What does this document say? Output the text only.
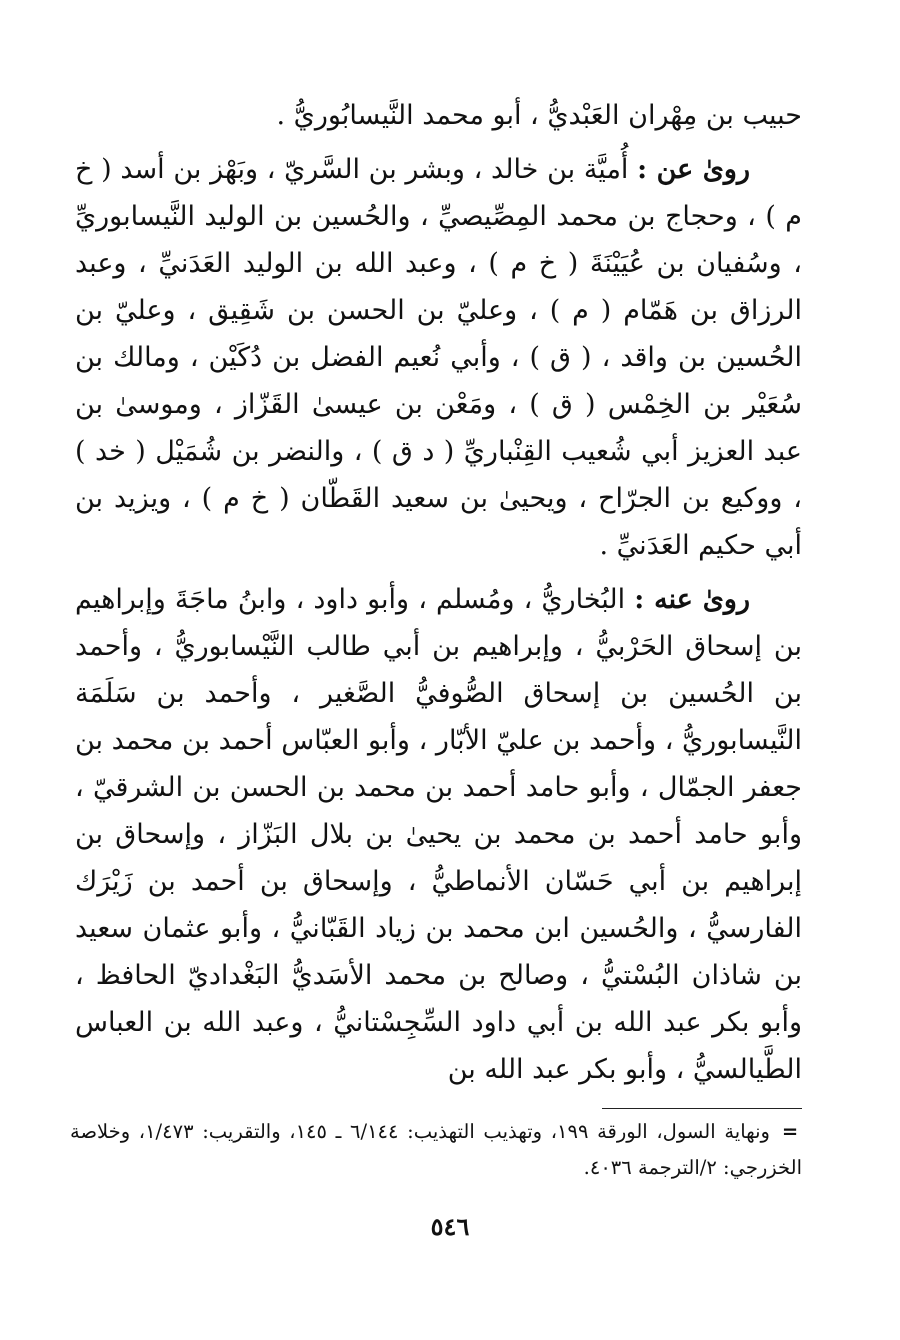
حبيب بن مِهْران العَبْديُّ ، أبو محمد النَّيسابُوريُّ .

روىٰ عن : أُميَّة بن خالد ، وبشر بن السَّريّ ، وبَهْز بن أسد ( خ م ) ، وحجاج بن محمد المِصِّيصيِّ ، والحُسين بن الوليد النَّيسابوريِّ ، وسُفيان بن عُيَيْنَةَ ( خ م ) ، وعبد الله بن الوليد العَدَنيِّ ، وعبد الرزاق بن هَمّام ( م ) ، وعليّ بن الحسن بن شَقِيق ، وعليّ بن الحُسين بن واقد ، ( ق ) ، وأبي نُعيم الفضل بن دُكَيْن ، ومالك بن سُعَيْر بن الخِمْس ( ق ) ، ومَعْن بن عيسىٰ القَزّاز ، وموسىٰ بن عبد العزيز أبي شُعيب القِنْباريِّ ( د ق ) ، والنضر بن شُمَيْل ( خد ) ، ووكيع بن الجرّاح ، ويحيىٰ بن سعيد القَطّان ( خ م ) ، ويزيد بن أبي حكيم العَدَنيِّ .

روىٰ عنه : البُخاريُّ ، ومُسلم ، وأبو داود ، وابنُ ماجَةَ وإبراهيم بن إسحاق الحَرْبيُّ ، وإبراهيم بن أبي طالب النَّيْسابوريُّ ، وأحمد بن الحُسين بن إسحاق الصُّوفيُّ الصَّغير ، وأحمد بن سَلَمَة النَّيسابوريُّ ، وأحمد بن عليّ الأبّار ، وأبو العبّاس أحمد بن محمد بن جعفر الجمّال ، وأبو حامد أحمد بن محمد بن الحسن بن الشرقيّ ، وأبو حامد أحمد بن محمد بن يحيىٰ بن بلال البَزّاز ، وإسحاق بن إبراهيم بن أبي حَسّان الأنماطيُّ ، وإسحاق بن أحمد بن زَيْرَك الفارسيُّ ، والحُسين ابن محمد بن زياد القَبّانيُّ ، وأبو عثمان سعيد بن شاذان البُسْتيُّ ، وصالح بن محمد الأسَديُّ البَغْداديّ الحافظ ، وأبو بكر عبد الله بن أبي داود السِّجِسْتانيُّ ، وعبد الله بن العباس الطَّيالسيُّ ، وأبو بكر عبد الله بن

=ونهاية السول، الورقة ١٩٩، وتهذيب التهذيب: ٦/١٤٤ ـ ١٤٥، والتقريب: ١/٤٧٣، وخلاصة الخزرجي: ٢/الترجمة ٤٠٣٦.

٥٤٦
